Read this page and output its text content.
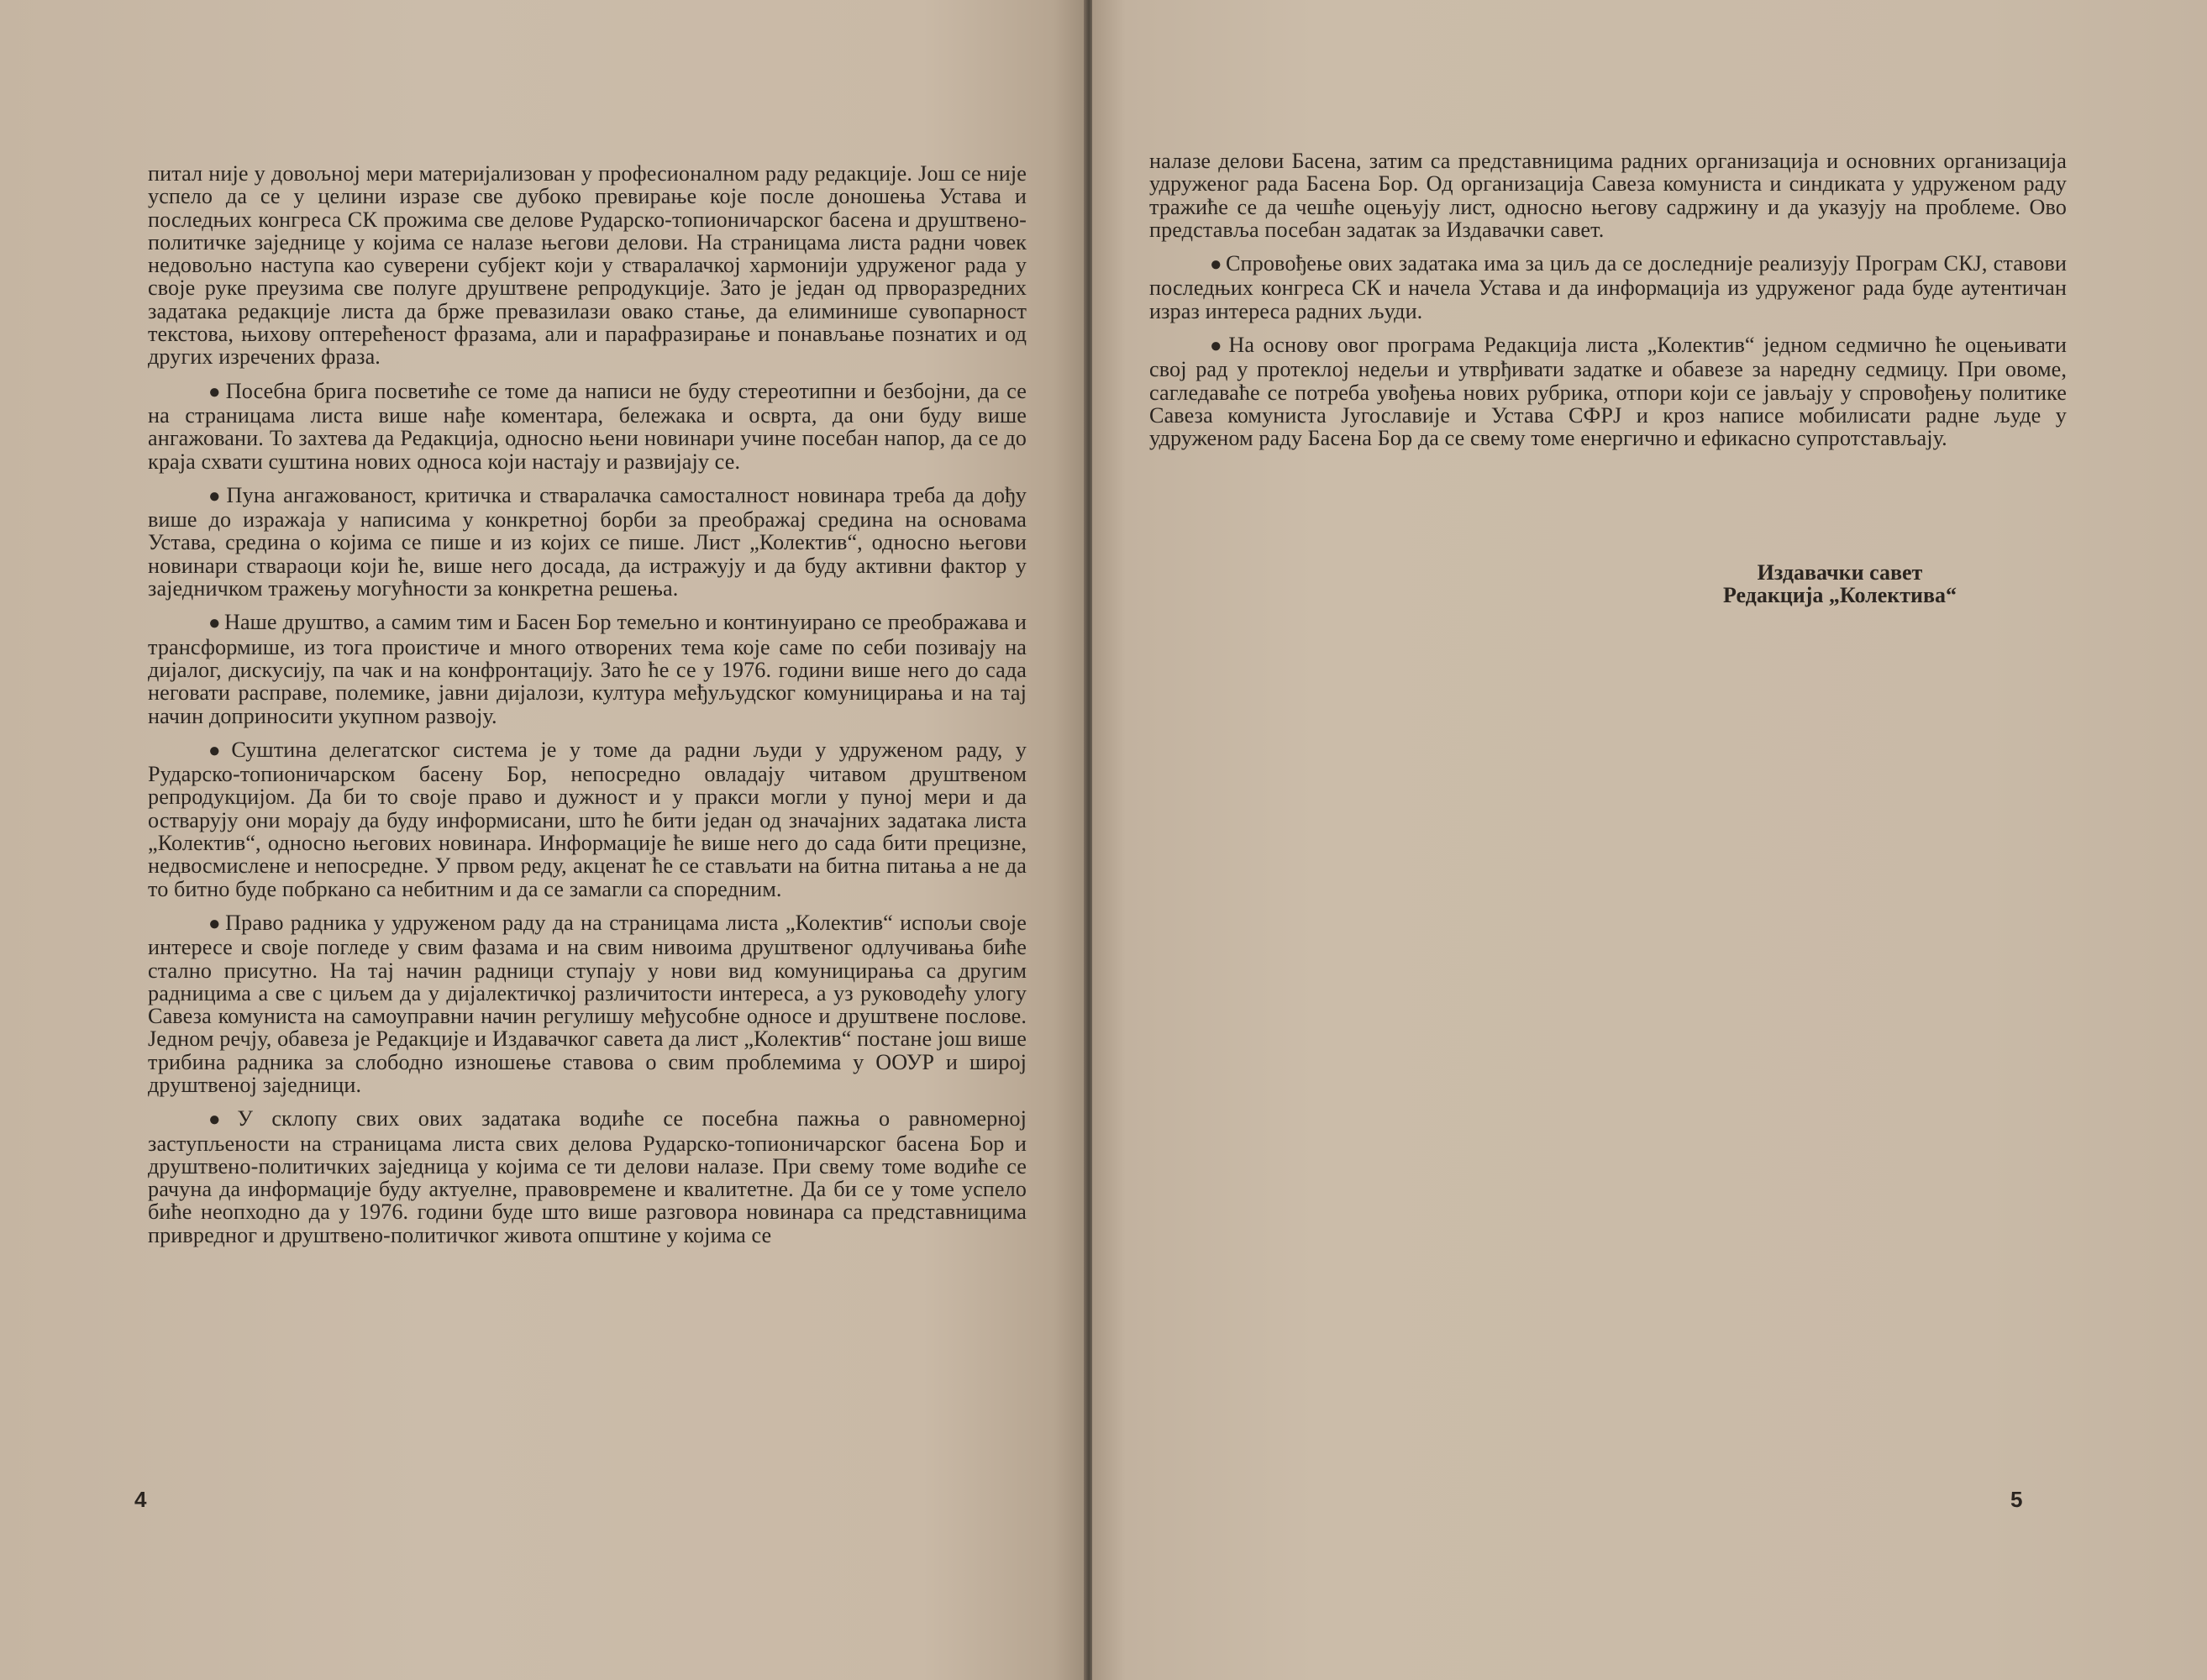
питал није у довољној мери материјализован у професионалном раду редакције. Још се није успело да се у целини изразе све дубоко превирање које после доношења Устава и последњих конгреса СК прожима све делове Рударско-топионичарског басена и друштвено-политичке заједнице у којима се налазе његови делови. На страницама листа радни човек недовољно наступа као суверени субјект који у стваралачкој хармонији удруженог рада у своје руке преузима све полуге друштвене репродукције. Зато је један од првоpазредних задатака редакције листа да брже превазилази овако стање, да елиминише сувопарност текстова, њихову оптерећеност фразама, али и парафразирање и понављање познатих и од других изречених фраза.

● Посебна брига посветиће се томе да написи не буду стереотипни и безбојни, да се на страницама листа више нађе коментара, бележака и осврта, да они буду више ангажовани. То захтева да Редакција, односно њени новинари учине посебан напор, да се до краја схвати суштина нових односа који настају и развијају се.

● Пуна ангажованост, критичка и стваралачка самосталност новинара треба да дођу више до изражаја у написима у конкретној борби за преображај средина на основама Устава, средина о којима се пише и из којих се пише. Лист „Колектив“, односно његови новинари ствараоци који ће, више него досада, да истражују и да буду активни фактор у заједничком тражењу могућности за конкретна решења.

● Наше друштво, а самим тим и Басен Бор темељно и континуирано се преображава и трансформише, из тога проистиче и много отворених тема које саме по себи позивају на дијалог, дискусију, па чак и на конфронтацију. Зато ће се у 1976. години више него до сада неговати расправе, полемике, јавни дијалози, култура међуљудског комуницирања и на тај начин доприносити укупном развоју.

● Суштина делегатског система је у томе да радни људи у удруженом раду, у Рударско-топионичарском басену Бор, непосредно овладају читавом друштвеном репродукцијом. Да би то своје право и дужност и у пракси могли у пуној мери и да остварују они морају да буду информисани, што ће бити један од значајних задатака листа „Колектив“, односно његових новинара. Информације ће више него до сада бити прецизне, недвосмислене и непосредне. У првом реду, акценат ће се стављати на битна питања а не да то битно буде побркано са небитним и да се замагли са споредним.

● Право радника у удруженом раду да на страницама листа „Колектив“ испољи своје интересе и своје погледе у свим фазама и на свим нивоима друштвеног одлучивања биће стално присутно. На тај начин радници ступају у нови вид комуницирања са другим радницима а све с циљем да у дијалектичкој различитости интереса, а уз руководећу улогу Савеза комуниста на самоуправни начин регулишу међусобне односе и друштвене послове. Једном речју, обавеза је Редакције и Издавачког савета да лист „Колектив“ постане још више трибина радника за слободно изношење ставова о свим проблемима у ООУР и широј друштвеној заједници.

● У склопу свих ових задатака водиће се посебна пажња о равномерној заступљености на страницама листа свих делова Рударско-топионичарског басена Бор и друштвено-политичких заједница у којима се ти делови налазе. При свему томе водиће се рачуна да информације буду актуелне, правовремене и квалитетне. Да би се у томе успело биће неопходно да у 1976. години буде што више разговора новинара са представницима привредног и друштвено-политичког живота општине у којима се

4

налазе делови Басена, затим са представницима радних организација и основних организација удруженог рада Басена Бор. Од организација Савеза комуниста и синдиката у удруженом раду тражиће се да чешће оцењују лист, односно његову садржину и да указују на проблеме. Ово представља посебан задатак за Издавачки савет.

● Спровођење ових задатака има за циљ да се доследније реализују Програм СКЈ, ставови последњих конгреса СК и начела Устава и да информација из удруженог рада буде аутентичан израз интереса радних људи.

● На основу овог програма Редакција листа „Колектив“ једном седмично ће оцењивати свој рад у протеклој недељи и утврђивати задатке и обавезе за наредну седмицу. При овоме, сагледаваће се потреба увођења нових рубрика, отпори који се јављају у спровођењу политике Савеза комуниста Југославије и Устава СФРЈ и кроз написе мобилисати радне људе у удруженом раду Басена Бор да се свему томе енергично и ефикасно супротстављају.

Издавачки савет
Редакција „Колектива“
5
